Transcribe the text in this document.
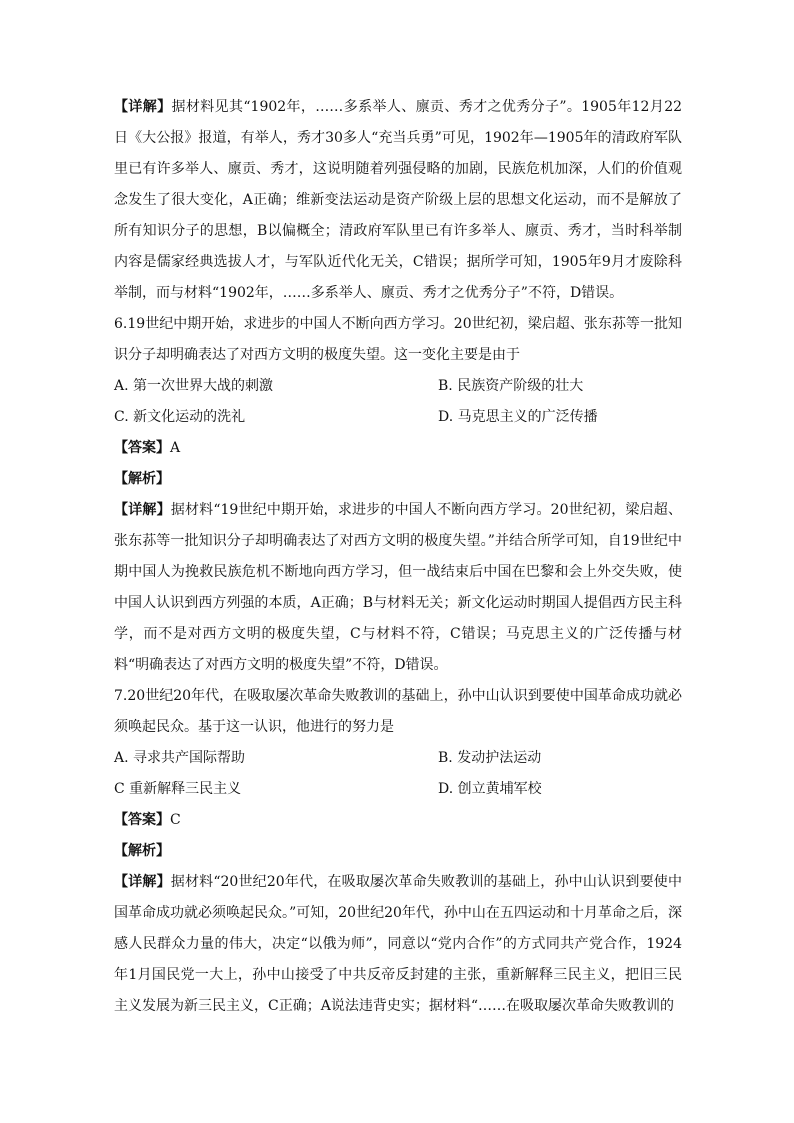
【详解】据材料见其“1902年，……多系举人、廪贡、秀才之优秀分子”。1905年12月22日《大公报》报道，有举人，秀才30多人“充当兵勇”可见，1902年—1905年的清政府军队里已有许多举人、廪贡、秀才，这说明随着列强侵略的加剧，民族危机加深，人们的价值观念发生了很大变化，A正确；维新变法运动是资产阶级上层的思想文化运动，而不是解放了所有知识分子的思想，B以偏概全；清政府军队里已有许多举人、廪贡、秀才，当时科举制内容是儒家经典选拔人才，与军队近代化无关，C错误；据所学可知，1905年9月才废除科举制，而与材料“1902年，……多系举人、廪贡、秀才之优秀分子”不符，D错误。

6.19世纪中期开始，求进步的中国人不断向西方学习。20世纪初，梁启超、张东荪等一批知识分子却明确表达了对西方文明的极度失望。这一变化主要是由于

A. 第一次世界大战的刺激	B. 民族资产阶级的壮大
C. 新文化运动的洗礼	D. 马克思主义的广泛传播

【答案】A

【解析】

【详解】据材料“19世纪中期开始，求进步的中国人不断向西方学习。20世纪初，梁启超、张东荪等一批知识分子却明确表达了对西方文明的极度失望。”并结合所学可知，自19世纪中期中国人为挽救民族危机不断地向西方学习，但一战结束后中国在巴黎和会上外交失败，使中国人认识到西方列强的本质，A正确；B与材料无关；新文化运动时期国人提倡西方民主科学，而不是对西方文明的极度失望，C与材料不符，C错误；马克思主义的广泛传播与材料“明确表达了对西方文明的极度失望”不符，D错误。

7.20世纪20年代，在吸取屡次革命失败教训的基础上，孙中山认识到要使中国革命成功就必须唤起民众。基于这一认识，他进行的努力是

A. 寻求共产国际帮助	B. 发动护法运动
C 重新解释三民主义	D. 创立黄埔军校

【答案】C

【解析】

【详解】据材料“20世纪20年代，在吸取屡次革命失败教训的基础上，孙中山认识到要使中国革命成功就必须唤起民众。”可知，20世纪20年代，孙中山在五四运动和十月革命之后，深感人民群众力量的伟大，决定“以俄为师”，同意以“党内合作”的方式同共产党合作，1924年1月国民党一大上，孙中山接受了中共反帝反封建的主张，重新解释三民主义，把旧三民主义发展为新三民主义，C正确；A说法违背史实；据材料“……在吸取屡次革命失败教训的
